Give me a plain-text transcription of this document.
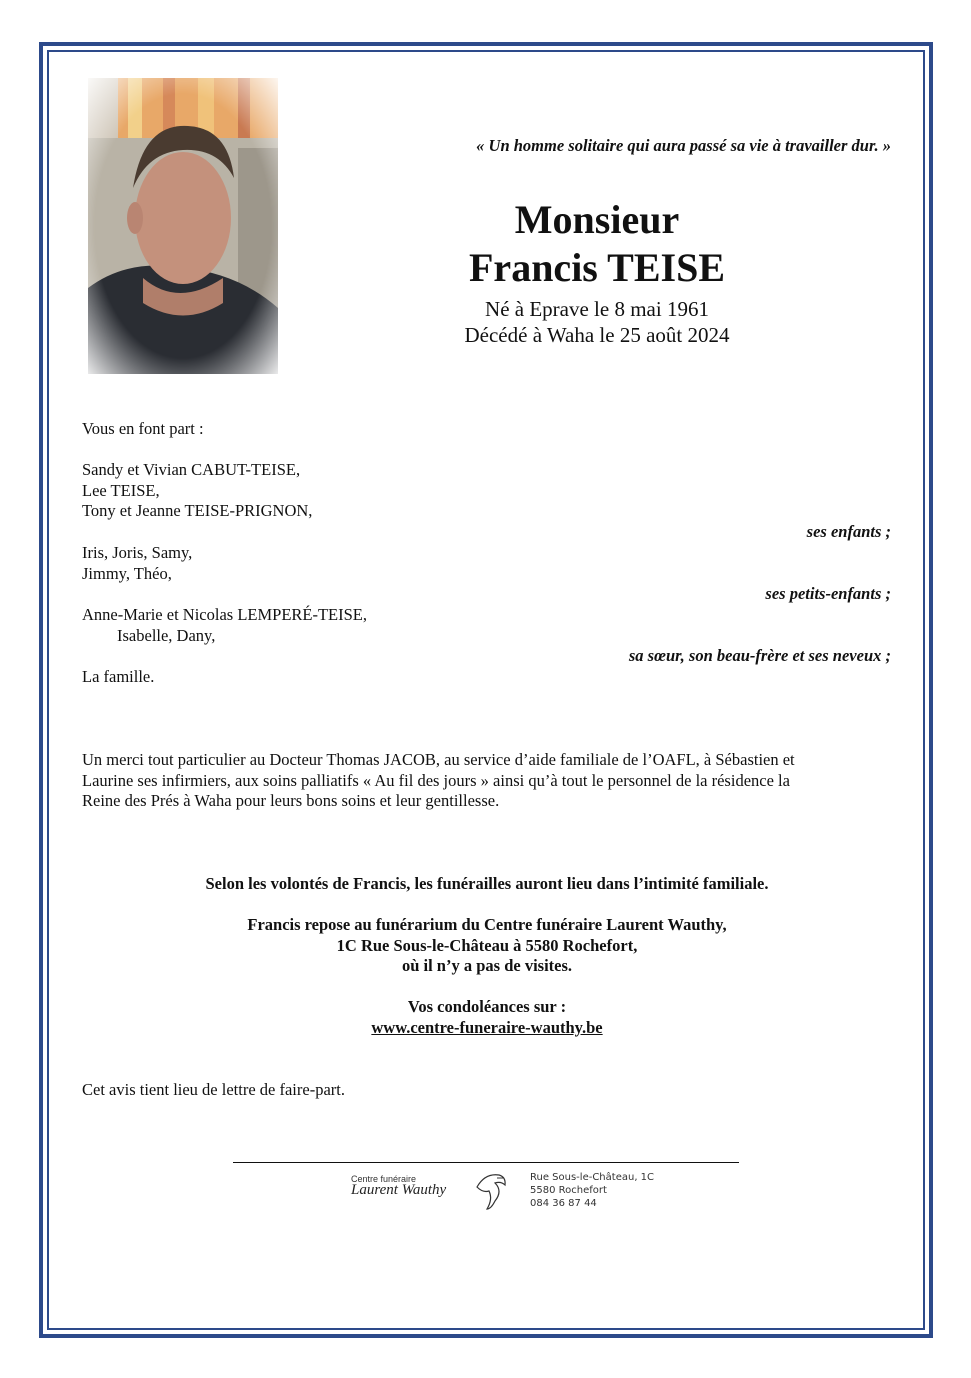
« Un homme solitaire qui aura passé sa vie à travailler dur. »
Monsieur
Francis TEISE
Né à Eprave le 8 mai 1961
Décédé à Waha le 25 août 2024
Vous en font part :
Sandy et Vivian CABUT-TEISE,
Lee TEISE,
Tony et Jeanne TEISE-PRIGNON,
ses enfants ;
Iris, Joris, Samy,
Jimmy, Théo,
ses petits-enfants ;
Anne-Marie et Nicolas LEMPERÉ-TEISE,
Isabelle, Dany,
sa sœur, son beau-frère et ses neveux ;
La famille.
Un merci tout particulier au Docteur Thomas JACOB, au service d’aide familiale de l’OAFL, à Sébastien et
Laurine ses infirmiers, aux soins palliatifs « Au fil des jours » ainsi qu’à tout le personnel de la résidence la
Reine des Prés à Waha pour leurs bons soins et leur gentillesse.
Selon les volontés de Francis, les funérailles auront lieu dans l’intimité familiale.
Francis repose au funérarium du Centre funéraire Laurent Wauthy,
1C Rue Sous-le-Château à 5580 Rochefort,
où il n’y a pas de visites.
Vos condoléances sur :
www.centre-funeraire-wauthy.be
Cet avis tient lieu de lettre de faire-part.
Centre funéraire
Laurent Wauthy
Rue Sous-le-Château, 1C
5580 Rochefort
084 36 87 44
